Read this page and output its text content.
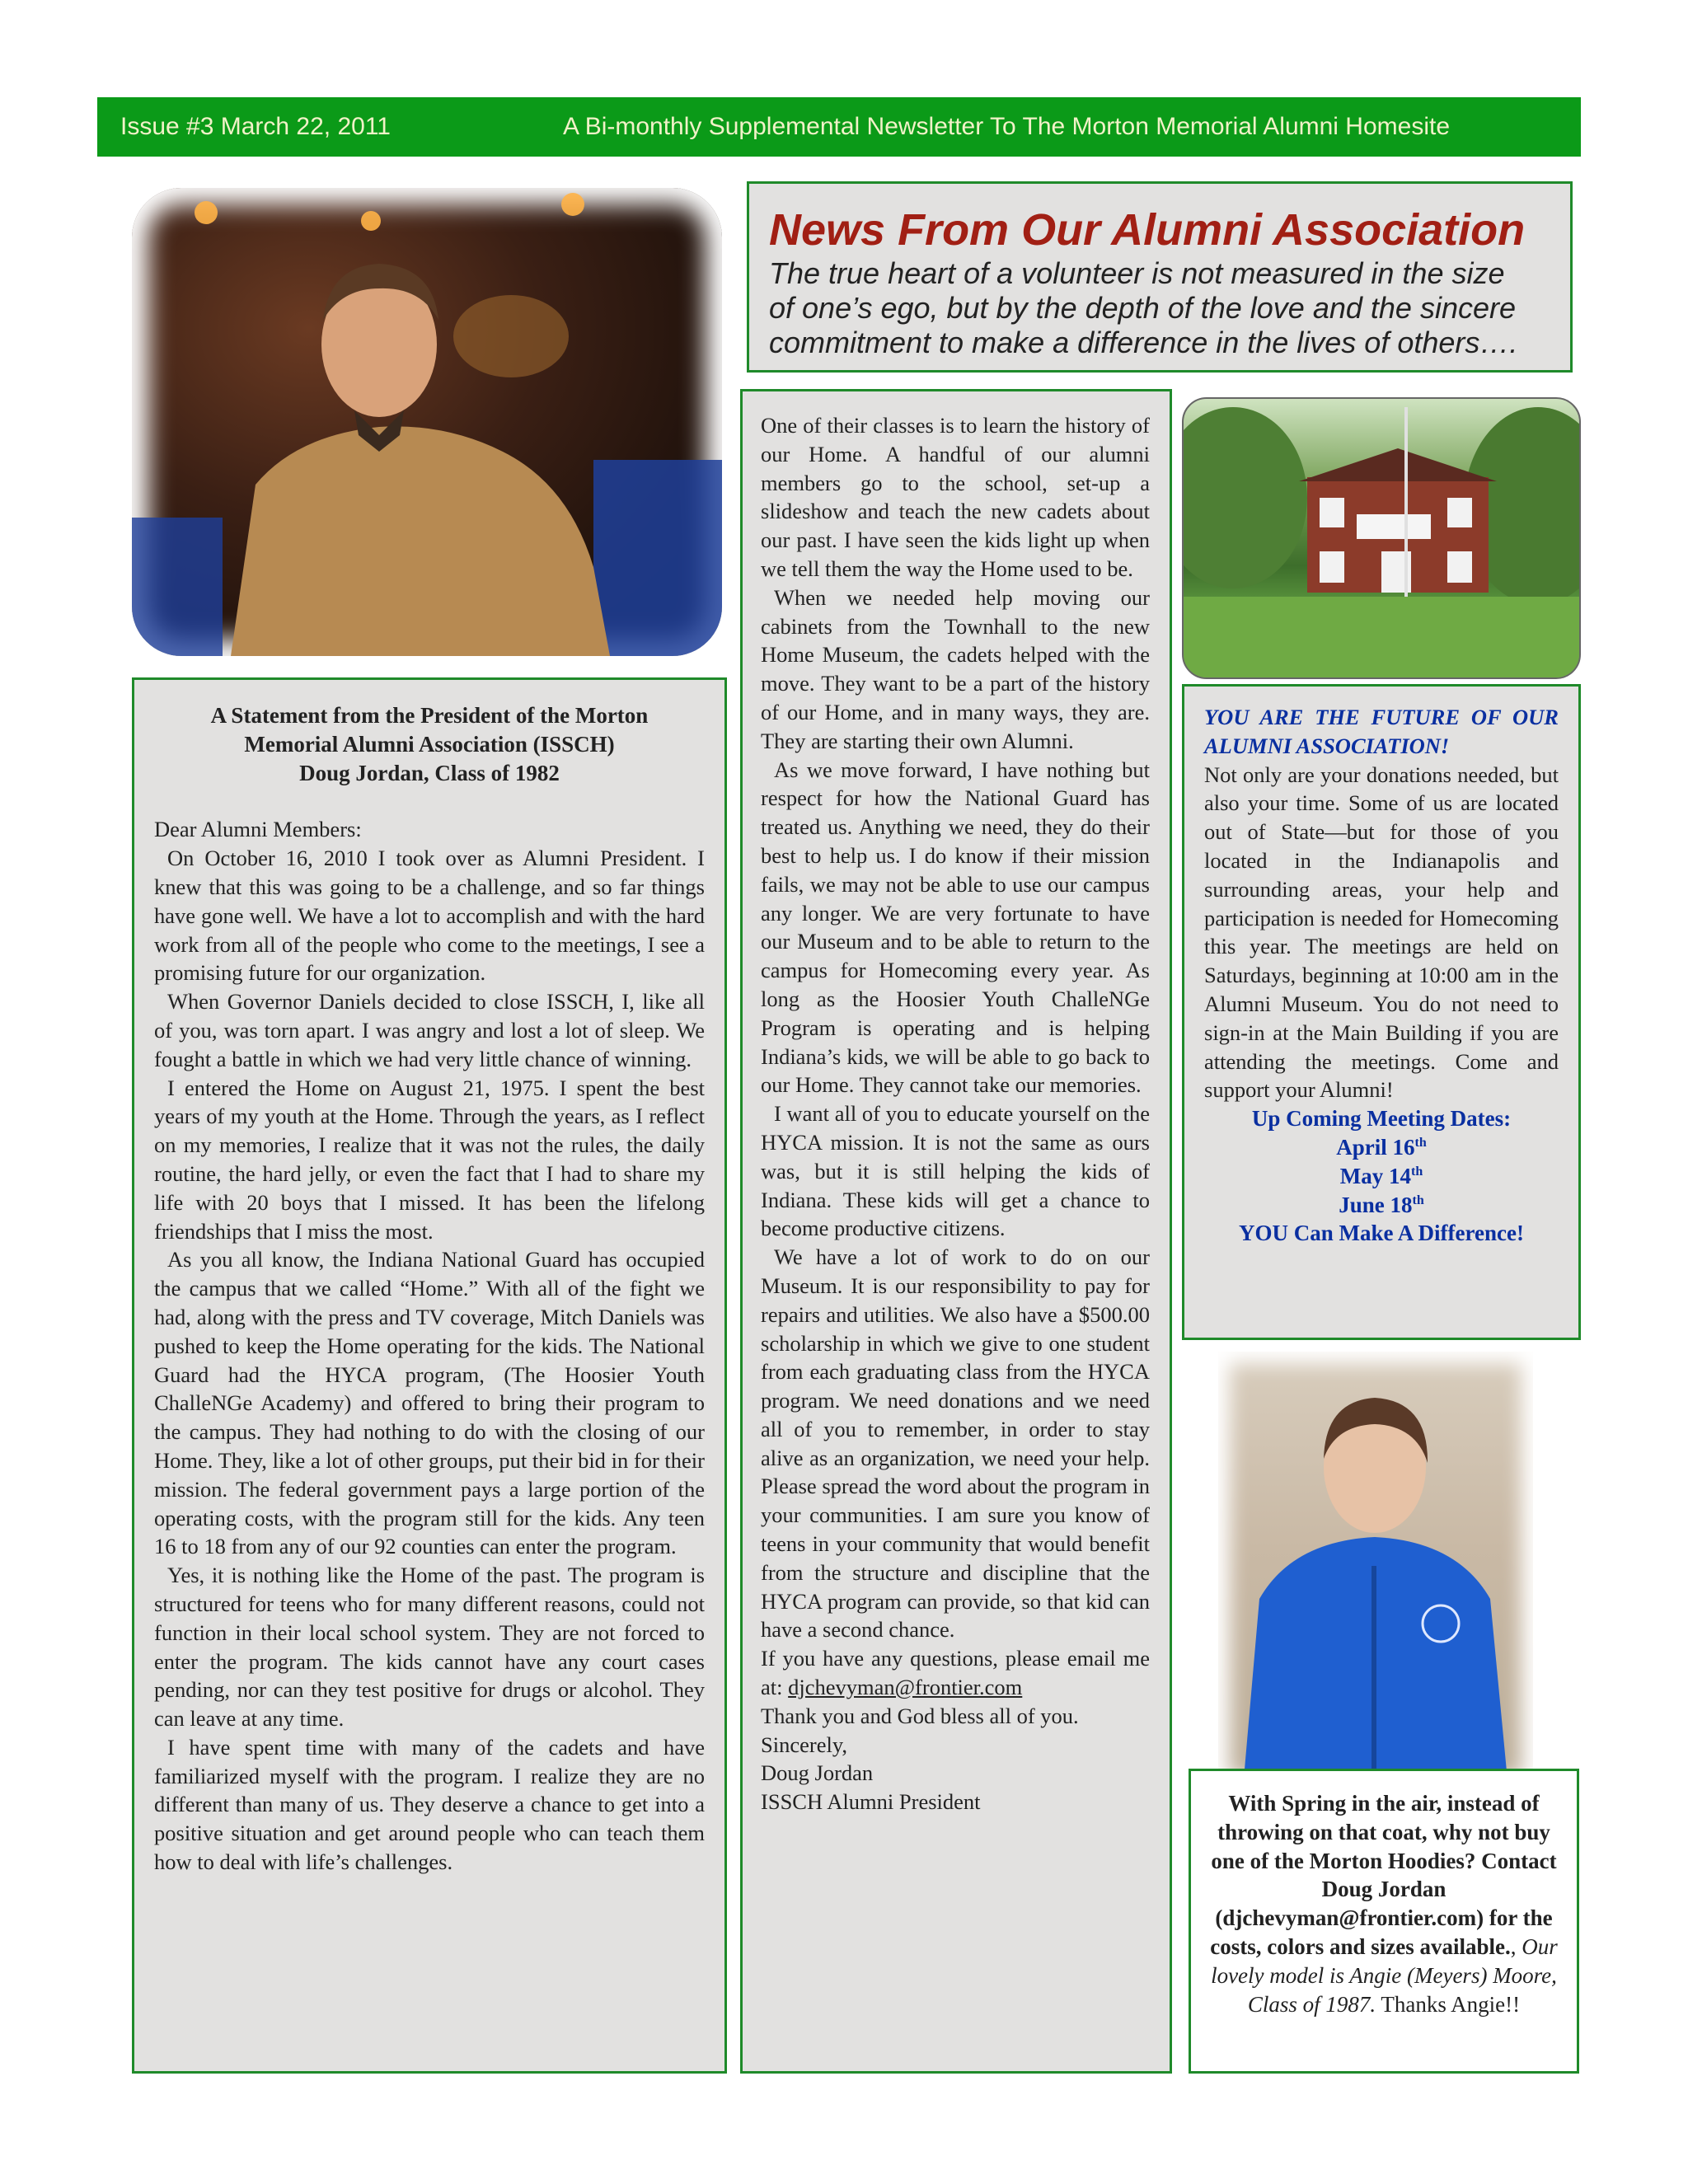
Issue #3 March 22, 2011	A Bi-monthly Supplemental Newsletter To The Morton Memorial Alumni Homesite
News From Our Alumni Association
The true heart of a volunteer is not measured in the size
of one’s ego, but by the depth of the love and the sincere
commitment to make a difference in the lives of others….
A Statement from the President of the Morton
Memorial Alumni Association (ISSCH)
Doug Jordan, Class of 1982

Dear Alumni Members:

On October 16, 2010 I took over as Alumni President. I knew that this was going to be a challenge, and so far things have gone well. We have a lot to accomplish and with the hard work from all of the people who come to the meetings, I see a promising future for our organization.

When Governor Daniels decided to close ISSCH, I, like all of you, was torn apart. I was angry and lost a lot of sleep. We fought a battle in which we had very little chance of winning.

I entered the Home on August 21, 1975. I spent the best years of my youth at the Home. Through the years, as I reflect on my memories, I realize that it was not the rules, the daily routine, the hard jelly, or even the fact that I had to share my life with 20 boys that I missed. It has been the lifelong friendships that I miss the most.

As you all know, the Indiana National Guard has occupied the campus that we called “Home.” With all of the fight we had, along with the press and TV coverage, Mitch Daniels was pushed to keep the Home operating for the kids. The National Guard had the HYCA program, (The Hoosier Youth ChalleNGe Academy) and offered to bring their program to the campus. They had nothing to do with the closing of our Home. They, like a lot of other groups, put their bid in for their mission. The federal government pays a large portion of the operating costs, with the program still for the kids. Any teen 16 to 18 from any of our 92 counties can enter the program.

Yes, it is nothing like the Home of the past. The program is structured for teens who for many different reasons, could not function in their local school system. They are not forced to enter the program. The kids cannot have any court cases pending, nor can they test positive for drugs or alcohol. They can leave at any time.

I have spent time with many of the cadets and have familiarized myself with the program. I realize they are no different than many of us. They deserve a chance to get into a positive situation and get around people who can teach them how to deal with life’s challenges.

One of their classes is to learn the history of our Home. A handful of our alumni members go to the school, set-up a slideshow and teach the new cadets about our past. I have seen the kids light up when we tell them the way the Home used to be.

When we needed help moving our cabinets from the Townhall to the new Home Museum, the cadets helped with the move. They want to be a part of the history of our Home, and in many ways, they are. They are starting their own Alumni.

As we move forward, I have nothing but respect for how the National Guard has treated us. Anything we need, they do their best to help us. I do know if their mission fails, we may not be able to use our campus any longer. We are very fortunate to have our Museum and to be able to return to the campus for Homecoming every year. As long as the Hoosier Youth ChalleNGe Program is operating and is helping Indiana’s kids, we will be able to go back to our Home. They cannot take our memories.

I want all of you to educate yourself on the HYCA mission. It is not the same as ours was, but it is still helping the kids of Indiana. These kids will get a chance to become productive citizens.

We have a lot of work to do on our Museum. It is our responsibility to pay for repairs and utilities. We also have a $500.00 scholarship in which we give to one student from each graduating class from the HYCA program. We need donations and we need all of you to remember, in order to stay alive as an organization, we need your help. Please spread the word about the program in your communities. I am sure you know of teens in your community that would benefit from the structure and discipline that the HYCA program can provide, so that kid can have a second chance.

If you have any questions, please email me at: djchevyman@frontier.com

Thank you and God bless all of you.

Sincerely,

Doug Jordan

ISSCH Alumni President

YOU ARE THE FUTURE OF OUR ALUMNI ASSOCIATION!

Not only are your donations needed, but also your time. Some of us are located out of State—but for those of you located in the Indianapolis and surrounding areas, your help and participation is needed for Homecoming this year. The meetings are held on Saturdays, beginning at 10:00 am in the Alumni Museum. You do not need to sign-in at the Main Building if you are attending the meetings. Come and support your Alumni!

Up Coming Meeting Dates:
April 16th
May 14th
June 18th
YOU Can Make A Difference!
With Spring in the air, instead of throwing on that coat, why not buy one of the Morton Hoodies? Contact Doug Jordan (djchevyman@frontier.com) for the costs, colors and sizes available., Our lovely model is Angie (Meyers) Moore, Class of 1987. Thanks Angie!!
